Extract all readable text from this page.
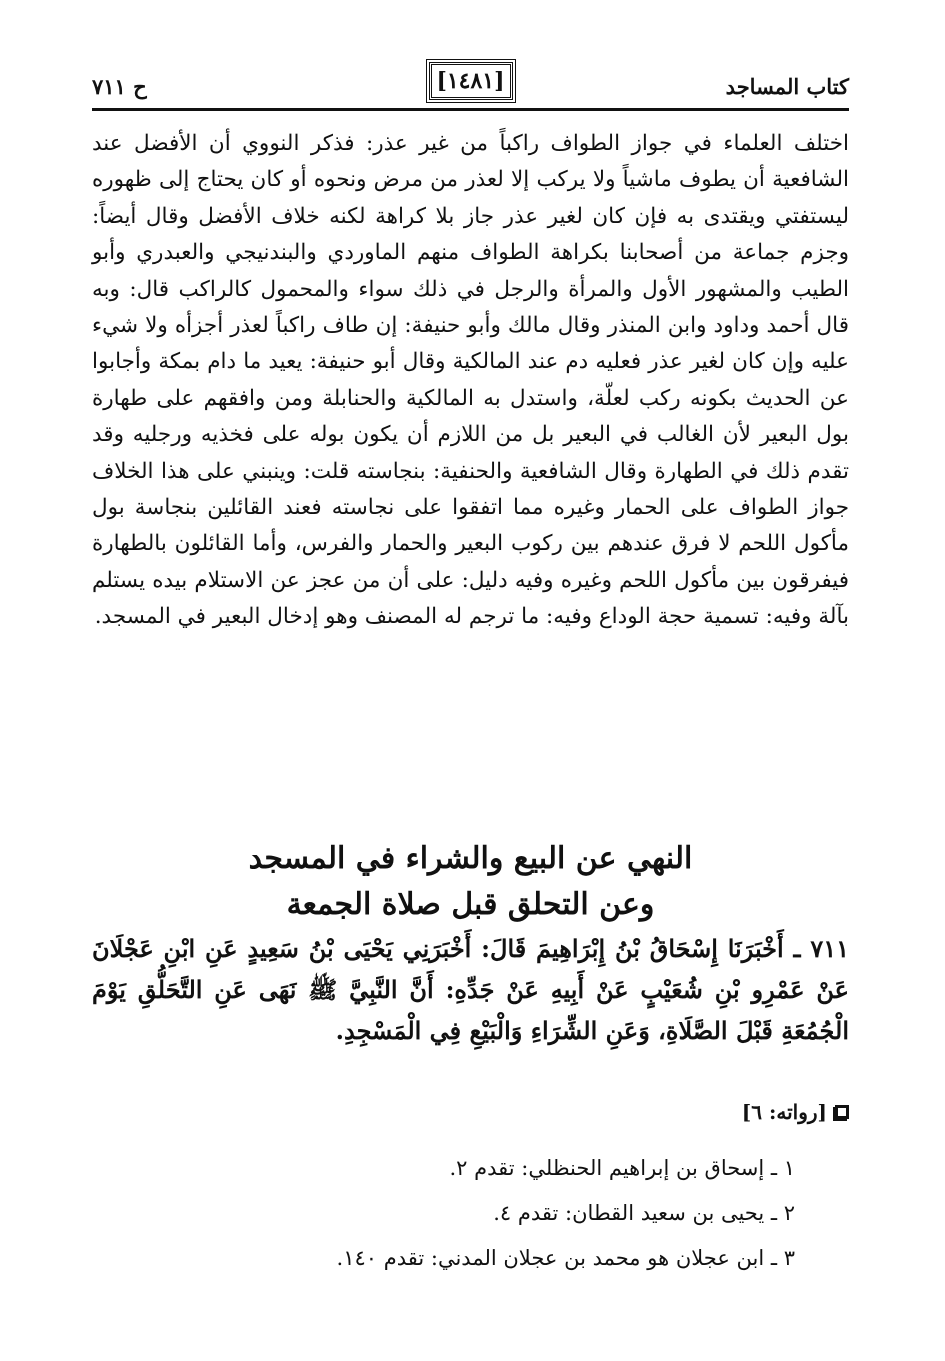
كتاب المساجد
[١٤٨١]
ح ٧١١

اختلف العلماء في جواز الطواف راكباً من غير عذر: فذكر النووي أن الأفضل عند الشافعية أن يطوف ماشياً ولا يركب إلا لعذر من مرض ونحوه أو كان يحتاج إلى ظهوره ليستفتي ويقتدى به فإن كان لغير عذر جاز بلا كراهة لكنه خلاف الأفضل وقال أيضاً: وجزم جماعة من أصحابنا بكراهة الطواف منهم الماوردي والبندنيجي والعبدري وأبو الطيب والمشهور الأول والمرأة والرجل في ذلك سواء والمحمول كالراكب قال: وبه قال أحمد وداود وابن المنذر وقال مالك وأبو حنيفة: إن طاف راكباً لعذر أجزأه ولا شيء عليه وإن كان لغير عذر فعليه دم عند المالكية وقال أبو حنيفة: يعيد ما دام بمكة وأجابوا عن الحديث بكونه ركب لعلّة، واستدل به المالكية والحنابلة ومن وافقهم على طهارة بول البعير لأن الغالب في البعير بل من اللازم أن يكون بوله على فخذيه ورجليه وقد تقدم ذلك في الطهارة وقال الشافعية والحنفية: بنجاسته قلت: وينبني على هذا الخلاف جواز الطواف على الحمار وغيره مما اتفقوا على نجاسته فعند القائلين بنجاسة بول مأكول اللحم لا فرق عندهم بين ركوب البعير والحمار والفرس، وأما القائلون بالطهارة فيفرقون بين مأكول اللحم وغيره وفيه دليل: على أن من عجز عن الاستلام بيده يستلم بآلة وفيه: تسمية حجة الوداع وفيه: ما ترجم له المصنف وهو إدخال البعير في المسجد.

النهي عن البيع والشراء في المسجد
وعن التحلق قبل صلاة الجمعة
٧١١ ـ أَخْبَرَنَا إِسْحَاقُ بْنُ إِبْرَاهِيمَ قَالَ: أَخْبَرَنِي يَحْيَى بْنُ سَعِيدٍ عَنِ ابْنِ عَجْلَانَ عَنْ عَمْرِو بْنِ شُعَيْبٍ عَنْ أَبِيهِ عَنْ جَدِّهِ: أَنَّ النَّبِيَّ ﷺ نَهَى عَنِ التَّحَلُّقِ يَوْمَ الْجُمُعَةِ قَبْلَ الصَّلَاةِ، وَعَنِ الشِّرَاءِ وَالْبَيْعِ فِي الْمَسْجِدِ.
[رواته: ٦]
١ ـ إسحاق بن إبراهيم الحنظلي: تقدم ٢.
٢ ـ يحيى بن سعيد القطان: تقدم ٤.
٣ ـ ابن عجلان هو محمد بن عجلان المدني: تقدم ١٤٠.
